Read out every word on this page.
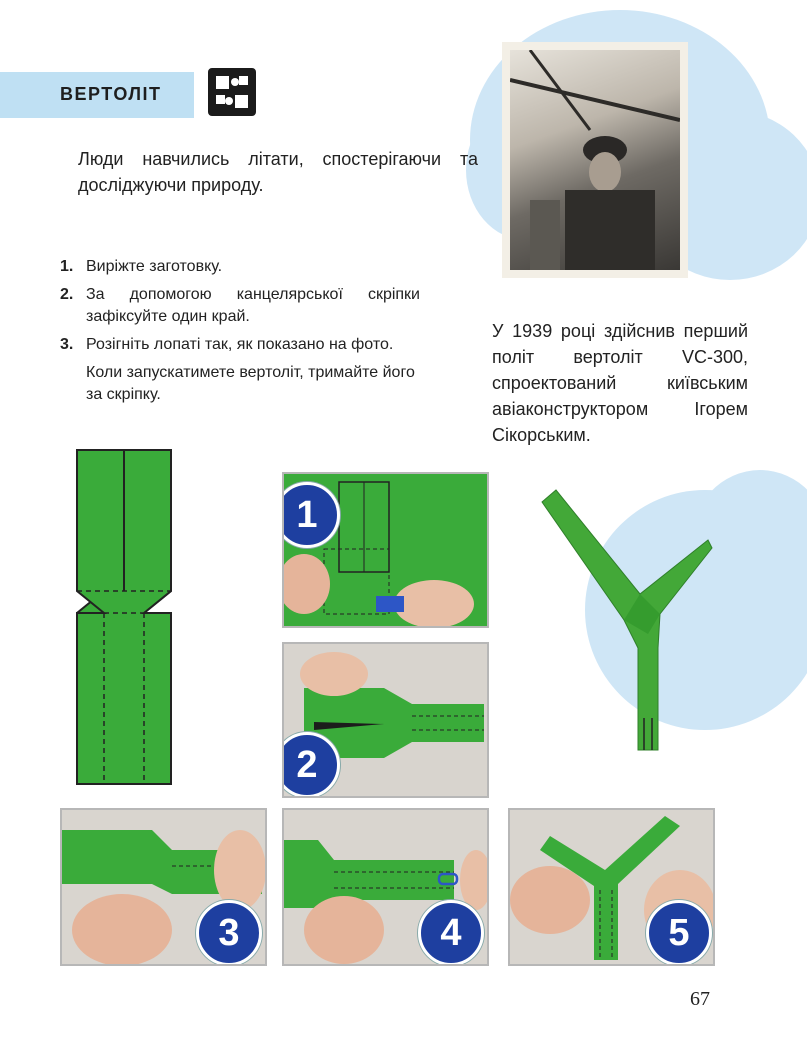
ВЕРТОЛІТ
Люди навчились літати, спостерігаючи та досліджуючи природу.
1. Виріжте заготовку.
2. За допомогою канцелярської скріпки зафіксуйте один край.
3. Розігніть лопаті так, як показано на фото.
Коли запускатимете вертоліт, тримайте його за скріпку.
У 1939 році здійснив перший політ вертоліт VC-300, спроектований київським авіаконструктором Ігорем Сікорським.
1
2
3	4	5
67
